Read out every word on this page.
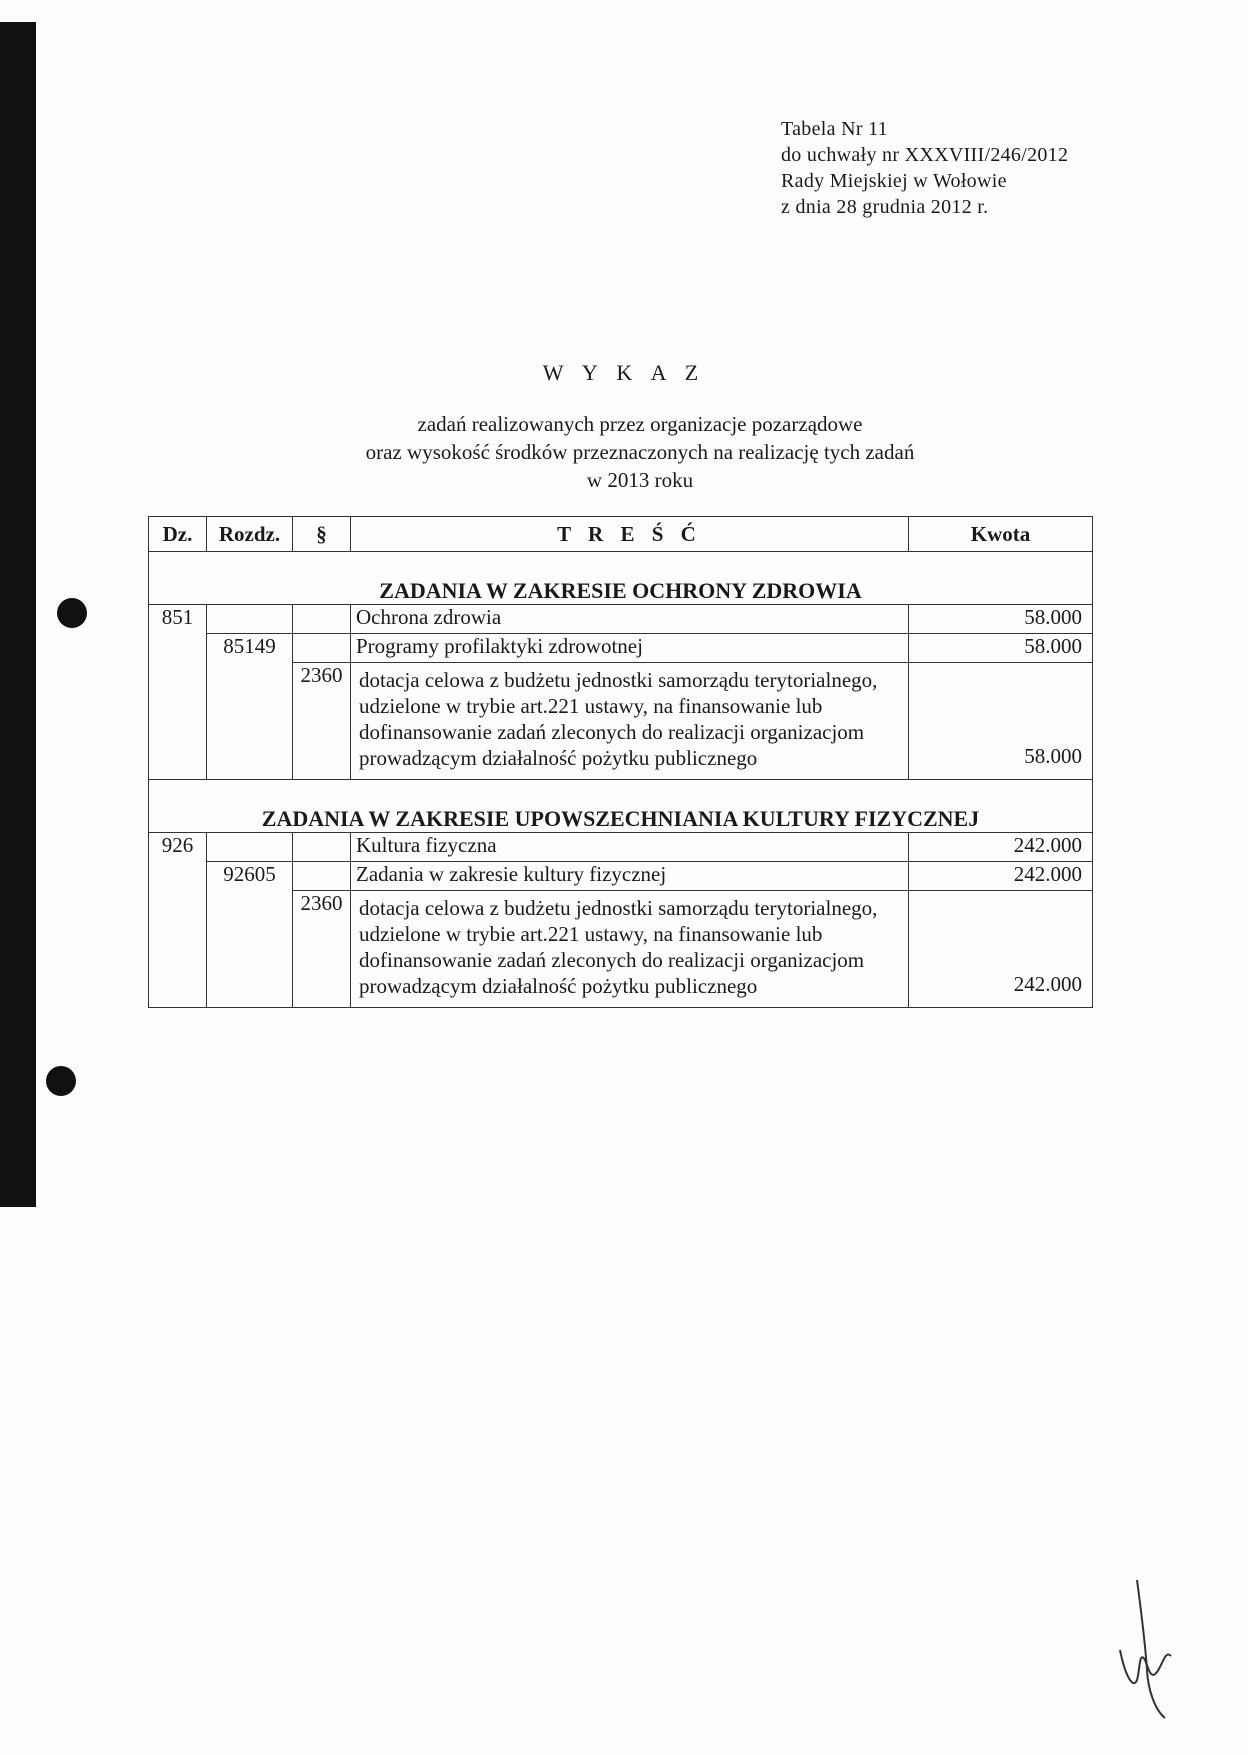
Tabela Nr 11
do uchwały nr XXXVIII/246/2012
Rady Miejskiej w Wołowie
z dnia 28 grudnia 2012 r.
W Y K A Z
zadań realizowanych przez organizacje pozarządowe
oraz wysokość środków przeznaczonych na realizację tych zadań
w 2013 roku
Dz.	Rozdz.	§	T R E Ś Ć	Kwota
ZADANIA W ZAKRESIE OCHRONY ZDROWIA				
851			Ochrona zdrowia	58.000
	85149		Programy profilaktyki zdrowotnej	58.000
		2360	dotacja celowa z budżetu jednostki samorządu terytorialnego, udzielone w trybie art.221 ustawy, na finansowanie lub dofinansowanie zadań zleconych do realizacji organizacjom prowadzącym działalność pożytku publicznego	58.000
ZADANIA W ZAKRESIE UPOWSZECHNIANIA KULTURY FIZYCZNEJ				
926			Kultura fizyczna	242.000
	92605		Zadania w zakresie kultury fizycznej	242.000
		2360	dotacja celowa z budżetu jednostki samorządu terytorialnego, udzielone w trybie art.221 ustawy, na finansowanie lub dofinansowanie zadań zleconych do realizacji organizacjom prowadzącym działalność pożytku publicznego	242.000
